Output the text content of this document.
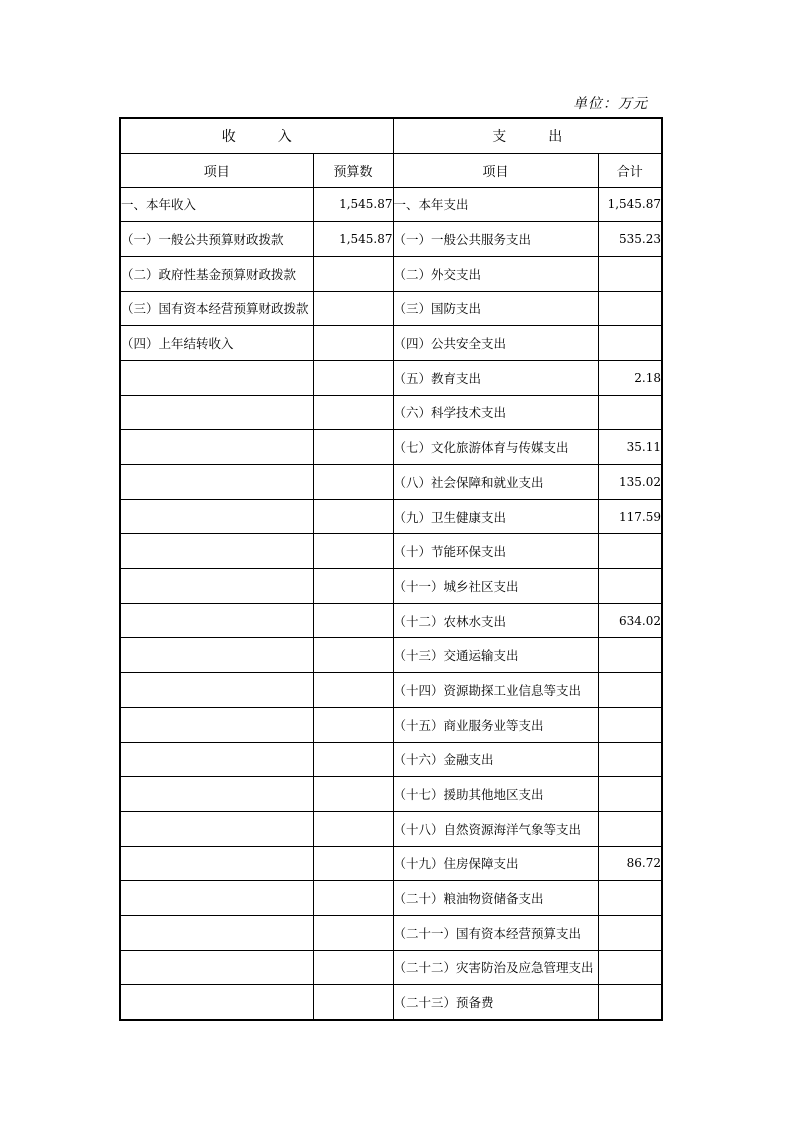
单位：万元
收　　　入		支　　　出	
项目	预算数	项目	合计
一、本年收入	1,545.87	一、本年支出	1,545.87
（一）一般公共预算财政拨款	1,545.87	（一）一般公共服务支出	535.23
（二）政府性基金预算财政拨款		（二）外交支出	
（三）国有资本经营预算财政拨款		（三）国防支出	
（四）上年结转收入		（四）公共安全支出	
		（五）教育支出	2.18
		（六）科学技术支出	
		（七）文化旅游体育与传媒支出	35.11
		（八）社会保障和就业支出	135.02
		（九）卫生健康支出	117.59
		（十）节能环保支出	
		（十一）城乡社区支出	
		（十二）农林水支出	634.02
		（十三）交通运输支出	
		（十四）资源勘探工业信息等支出	
		（十五）商业服务业等支出	
		（十六）金融支出	
		（十七）援助其他地区支出	
		（十八）自然资源海洋气象等支出	
		（十九）住房保障支出	86.72
		（二十）粮油物资储备支出	
		（二十一）国有资本经营预算支出	
		（二十二）灾害防治及应急管理支出	
		（二十三）预备费	
